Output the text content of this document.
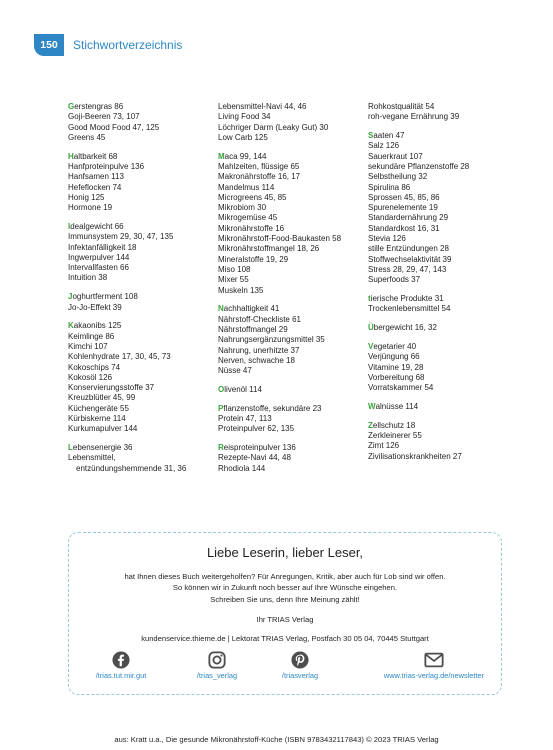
150 Stichwortverzeichnis
Gerstengras 86
Goji-Beeren 73, 107
Good Mood Food 47, 125
Greens 45
Haltbarkeit 68
Hanfproteinpulve 136
Hanfsamen 113
Hefeflocken 74
Honig 125
Hormone 19
Idealgewicht 66
Immunsystem 29, 30, 47, 135
Infektanfälligkeit 18
Ingwerpulver 144
Intervallfasten 66
Intuition 38
Joghurtferment 108
Jo-Jo-Effekt 39
Kakaonibs 125
Keimlinge 86
Kimchi 107
Kohlenhydrate 17, 30, 45, 73
Kokoschips 74
Kokosöl 126
Konservierungsstoffe 37
Kreuzblütler 45, 99
Küchengeräte 55
Kürbiskerne 114
Kurkumapulver 144
Lebensenergie 36
Lebensmittel,
entzündungshemmende 31, 36
Lebensmittel-Navi 44, 46
Living Food 34
Löchriger Darm (Leaky Gut) 30
Low Carb 125
Maca 99, 144
Mahlzeiten, flüssige 65
Makronährstoffe 16, 17
Mandelmus 114
Microgreens 45, 85
Mikrobiom 30
Mikrogemüse 45
Mikronährstoffe 16
Mikronährstoff-Food-Baukasten 58
Mikronährstoffmangel 18, 26
Mineralstoffe 19, 29
Miso 108
Mixer 55
Muskeln 135
Nachhaltigkeit 41
Nährstoff-Checkliste 61
Nährstoffmangel 29
Nahrungsergänzungsmittel 35
Nahrung, unerhitzte 37
Nerven, schwache 18
Nüsse 47
Olivenöl 114
Pflanzenstoffe, sekundäre 23
Protein 47, 113
Proteinpulver 62, 135
Reisproteinpulver 136
Rezepte-Navi 44, 48
Rhodiola 144
Rohkostqualität 54
roh-vegane Ernährung 39
Saaten 47
Salz 126
Sauerkraut 107
sekundäre Pflanzenstoffe 28
Selbstheilung 32
Spirulina 86
Sprossen 45, 85, 86
Spurenelemente 19
Standardernährung 29
Standardkost 16, 31
Stevia 126
stille Entzündungen 28
Stoffwechselaktivität 39
Stress 28, 29, 47, 143
Superfoods 37
tierische Produkte 31
Trockenlebensmittel 54
Übergewicht 16, 32
Vegetarier 40
Verjüngung 66
Vitamine 19, 28
Vorbereitung 68
Vorratskammer 54
Walnüsse 114
Zellschutz 18
Zerkleinerer 55
Zimt 126
Zivilisationskrankheiten 27
Liebe Leserin, lieber Leser,
hat Ihnen dieses Buch weitergeholfen? Für Anregungen, Kritik, aber auch für Lob sind wir offen.
So können wir in Zukunft noch besser auf Ihre Wünsche eingehen.
Schreiben Sie uns, denn Ihre Meinung zählt!
Ihr TRIAS Verlag
kundenservice.thieme.de | Lektorat TRIAS Verlag, Postfach 30 05 04, 70445 Stuttgart
/trias.tut.mir.gut	/trias_verlag	/triasverlag	www.trias-verlag.de/newsletter
aus: Kratt u.a., Die gesunde Mikronährstoff-Küche (ISBN 9783432117843) © 2023 TRIAS Verlag
